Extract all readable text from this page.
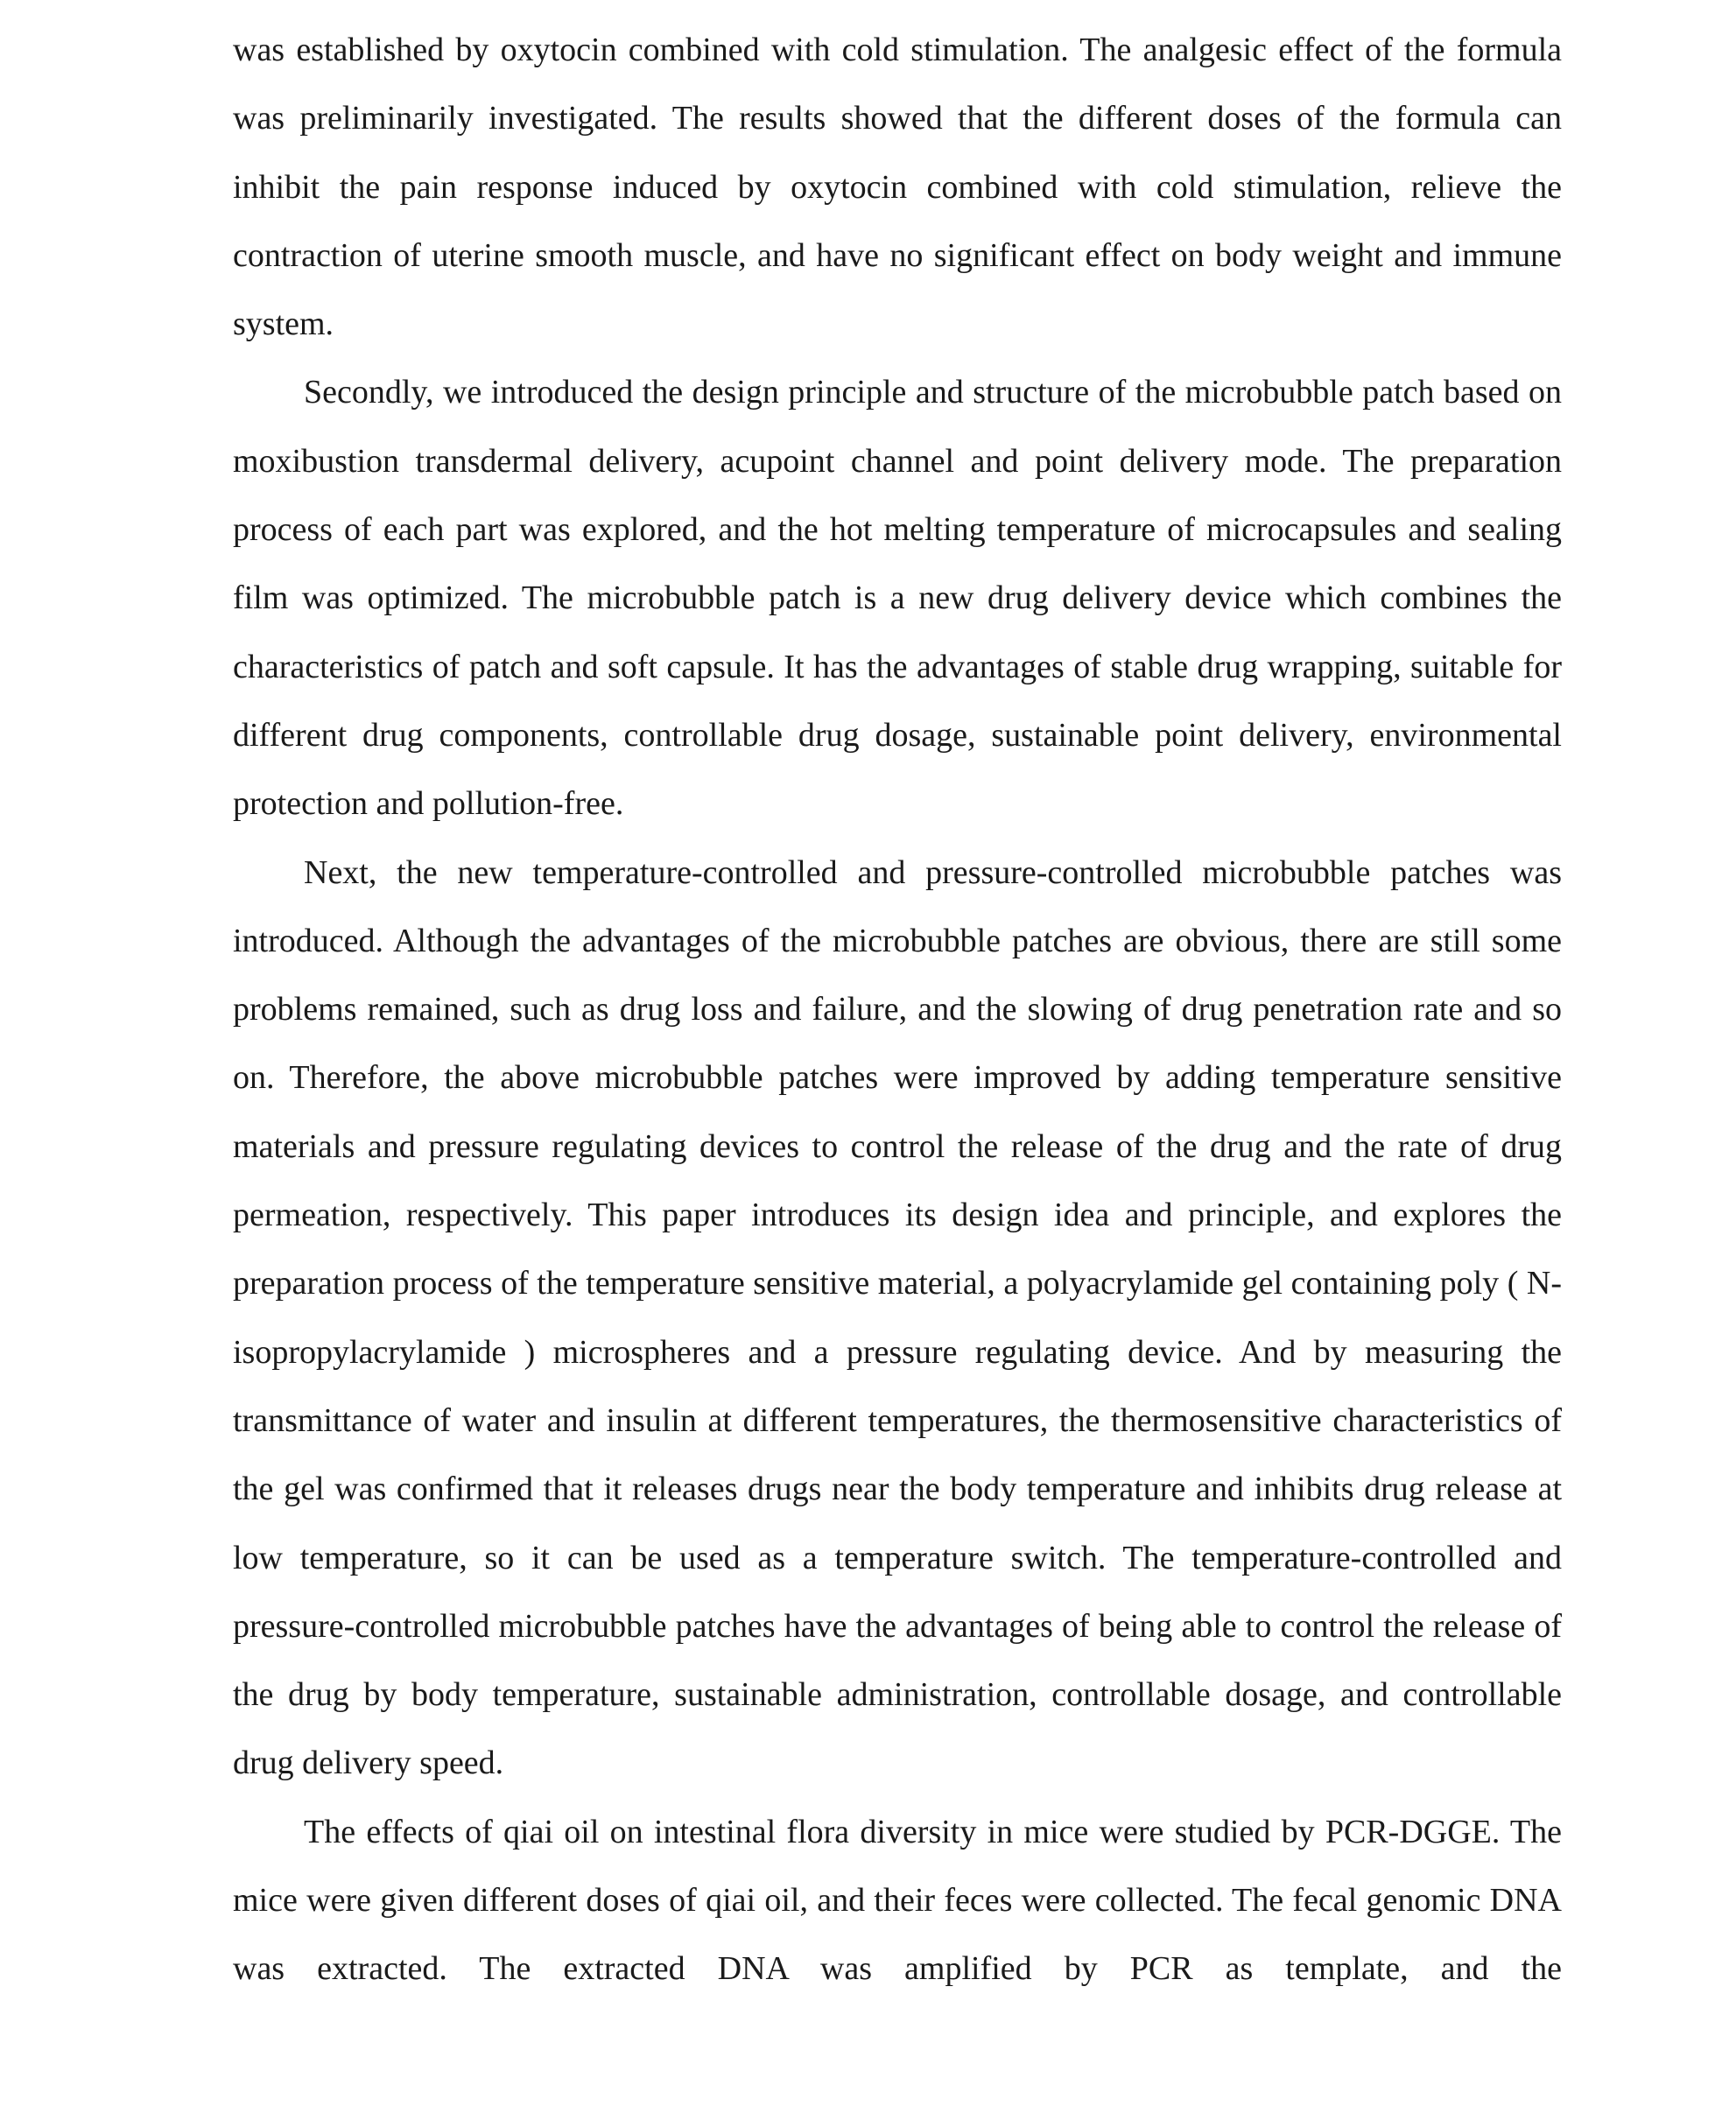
was established by oxytocin combined with cold stimulation. The analgesic effect of the formula was preliminarily investigated. The results showed that the different doses of the formula can inhibit the pain response induced by oxytocin combined with cold stimulation, relieve the contraction of uterine smooth muscle, and have no significant effect on body weight and immune system.

Secondly, we introduced the design principle and structure of the microbubble patch based on moxibustion transdermal delivery, acupoint channel and point delivery mode. The preparation process of each part was explored, and the hot melting temperature of microcapsules and sealing film was optimized. The microbubble patch is a new drug delivery device which combines the characteristics of patch and soft capsule. It has the advantages of stable drug wrapping, suitable for different drug components, controllable drug dosage, sustainable point delivery, environmental protection and pollution-free.

Next, the new temperature-controlled and pressure-controlled microbubble patches was introduced. Although the advantages of the microbubble patches are obvious, there are still some problems remained, such as drug loss and failure, and the slowing of drug penetration rate and so on. Therefore, the above microbubble patches were improved by adding temperature sensitive materials and pressure regulating devices to control the release of the drug and the rate of drug permeation, respectively. This paper introduces its design idea and principle, and explores the preparation process of the temperature sensitive material, a polyacrylamide gel containing poly ( N- isopropylacrylamide ) microspheres and a pressure regulating device. And by measuring the transmittance of water and insulin at different temperatures, the thermosensitive characteristics of the gel was confirmed that it releases drugs near the body temperature and inhibits drug release at low temperature, so it can be used as a temperature switch. The temperature-controlled and pressure-controlled microbubble patches have the advantages of being able to control the release of the drug by body temperature, sustainable administration, controllable dosage, and controllable drug delivery speed.

The effects of qiai oil on intestinal flora diversity in mice were studied by PCR-DGGE. The mice were given different doses of qiai oil, and their feces were collected. The fecal genomic DNA was extracted. The extracted DNA was amplified by PCR as template, and the
